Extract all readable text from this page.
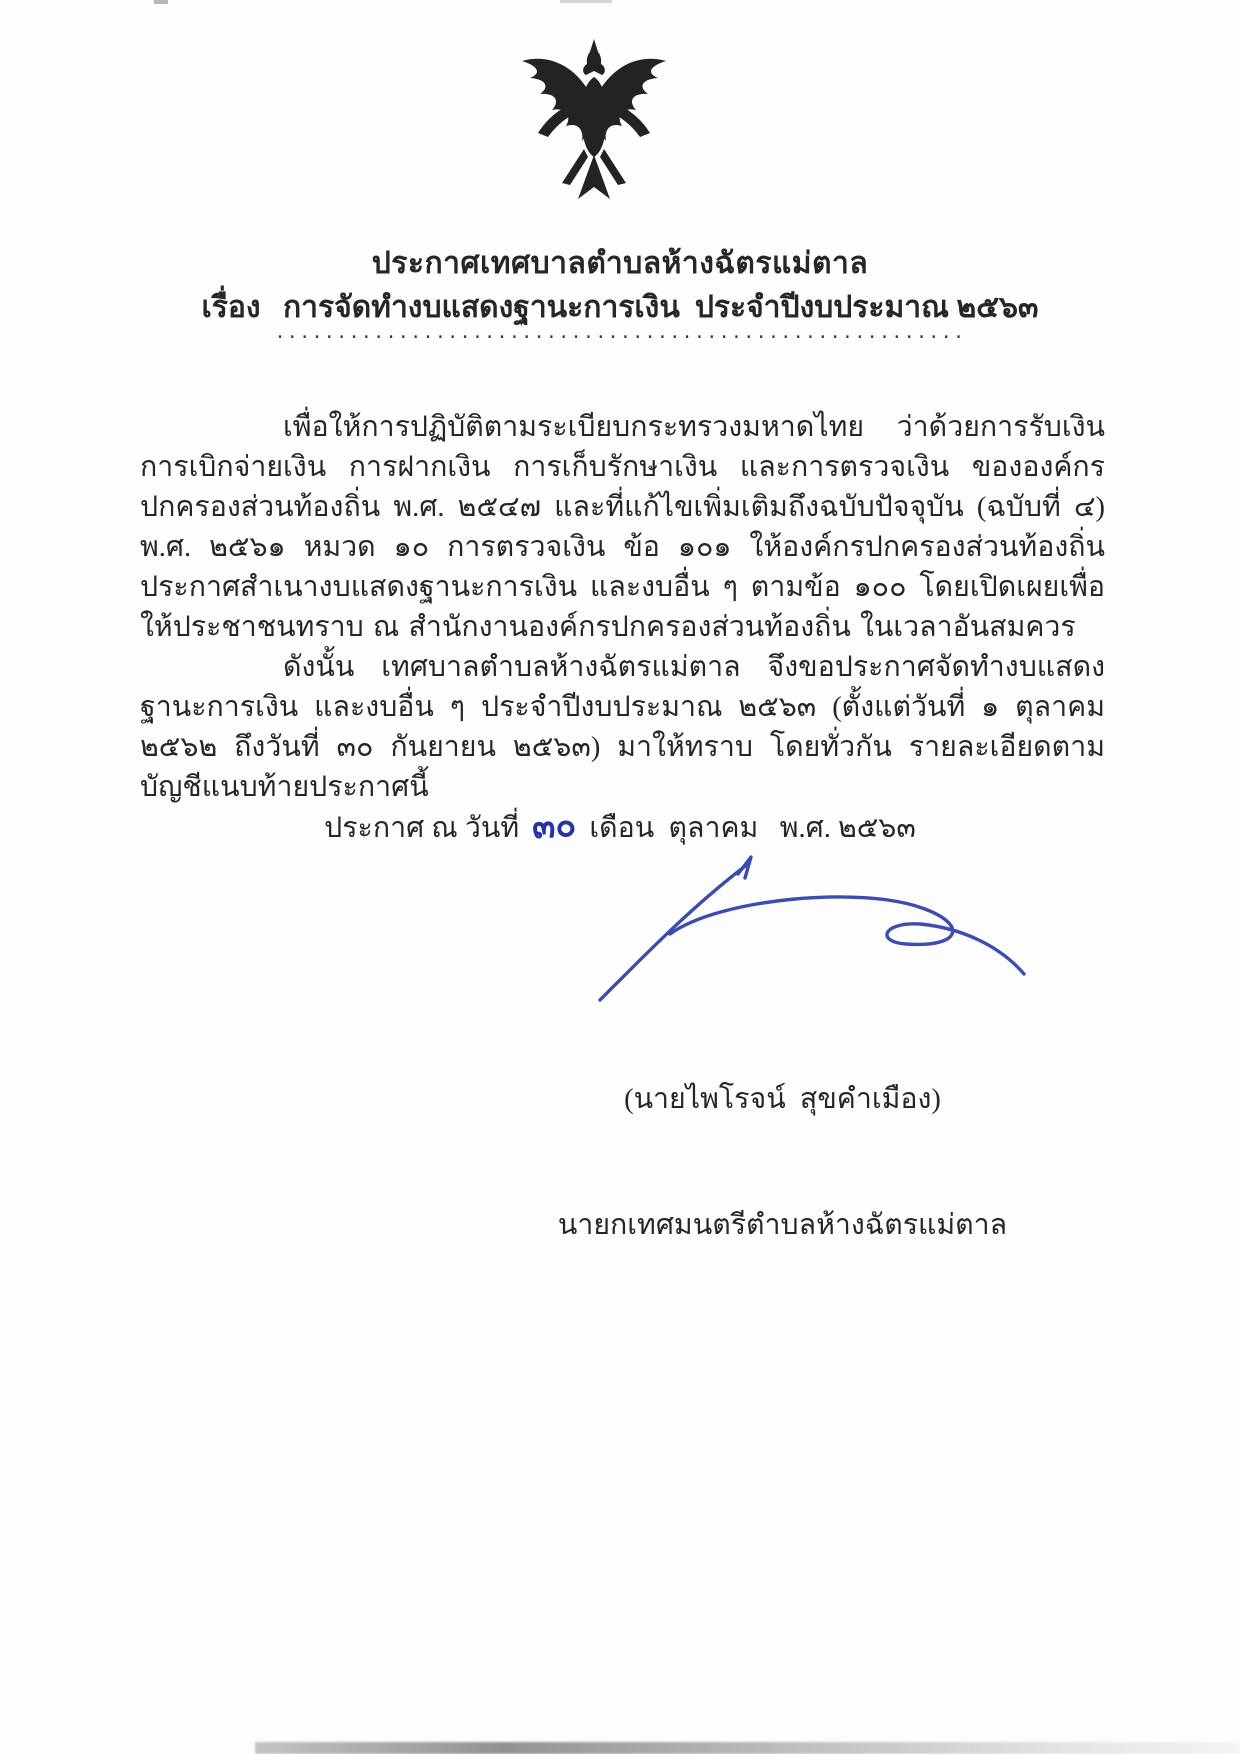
ประกาศเทศบาลตำบลห้างฉัตรแม่ตาล
เรื่อง   การจัดทำงบแสดงฐานะการเงิน  ประจำปีงบประมาณ ๒๕๖๓
........................................................

เพื่อให้การปฏิบัติตามระเบียบกระทรวงมหาดไทย ว่าด้วยการรับเงิน การเบิกจ่ายเงิน การฝากเงิน การเก็บรักษาเงิน และการตรวจเงิน ขององค์กรปกครองส่วนท้องถิ่น พ.ศ. ๒๕๔๗ และที่แก้ไขเพิ่มเติมถึงฉบับปัจจุบัน (ฉบับที่ ๔) พ.ศ. ๒๕๖๑ หมวด ๑๐ การตรวจเงิน ข้อ ๑๐๑ ให้องค์กรปกครองส่วนท้องถิ่นประกาศสำเนางบแสดงฐานะการเงิน และงบอื่น ๆ ตามข้อ ๑๐๐ โดยเปิดเผยเพื่อให้ประชาชนทราบ ณ สำนักงานองค์กรปกครองส่วนท้องถิ่น ในเวลาอันสมควร

ดังนั้น เทศบาลตำบลห้างฉัตรแม่ตาล จึงขอประกาศจัดทำงบแสดงฐานะการเงิน และงบอื่น ๆ ประจำปีงบประมาณ ๒๕๖๓ (ตั้งแต่วันที่ ๑ ตุลาคม ๒๕๖๒ ถึงวันที่ ๓๐ กันยายน ๒๕๖๓) มาให้ทราบ โดยทั่วกัน รายละเอียดตามบัญชีแนบท้ายประกาศนี้

ประกาศ ณ วันที่ ๓๐ เดือน  ตุลาคม   พ.ศ. ๒๕๖๓

(นายไพโรจน์  สุขคำเมือง)

นายกเทศมนตรีตำบลห้างฉัตรแม่ตาล
